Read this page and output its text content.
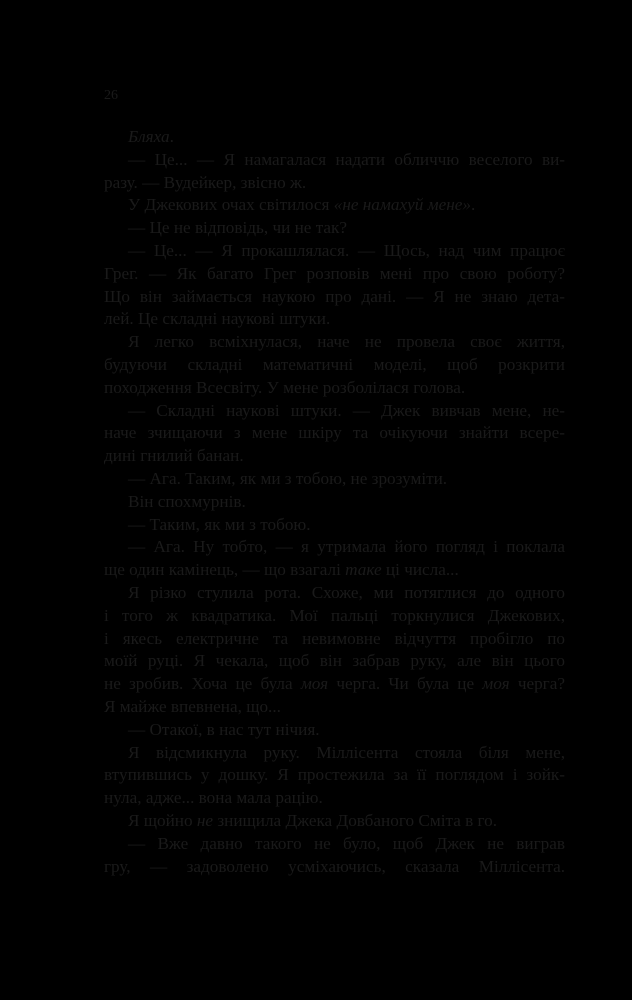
26
Бляха.
— Це... — Я намагалася надати обличчю веселого ви-
разу. — Вудейкер, звісно ж.
У Джекових очах світилося «не намахуй мене».
— Це не відповідь, чи не так?
— Це... — Я прокашлялася. — Щось, над чим працює
Грег. — Як багато Грег розповів мені про свою роботу?
Що він займається наукою про дані. — Я не знаю дета-
лей. Це складні наукові штуки.
Я легко всміхнулася, наче не провела своє життя,
будуючи складні математичні моделі, щоб розкрити
походження Всесвіту. У мене розболілася голова.
— Складні наукові штуки. — Джек вивчав мене, не-
наче зчищаючи з мене шкіру та очікуючи знайти всере-
дині гнилий банан.
— Ага. Таким, як ми з тобою, не зрозуміти.
Він спохмурнів.
— Таким, як ми з тобою.
— Ага. Ну тобто, — я утримала його погляд і поклала
ще один камінець, — що взагалі таке ці числа...
Я різко стулила рота. Схоже, ми потяглися до одного
і того ж квадратика. Мої пальці торкнулися Джекових,
і якесь електричне та невимовне відчуття пробігло по
моїй руці. Я чекала, щоб він забрав руку, але він цього
не зробив. Хоча це була моя черга. Чи була це моя черга?
Я майже впевнена, що...
— Отакої, в нас тут нічия.
Я відсмикнула руку. Міллісента стояла біля мене,
втупившись у дошку. Я простежила за її поглядом і зойк-
нула, адже... вона мала рацію.
Я щойно не знищила Джека Довбаного Сміта в го.
— Вже давно такого не було, щоб Джек не виграв
гру, — задоволено усміхаючись, сказала Міллісента.
